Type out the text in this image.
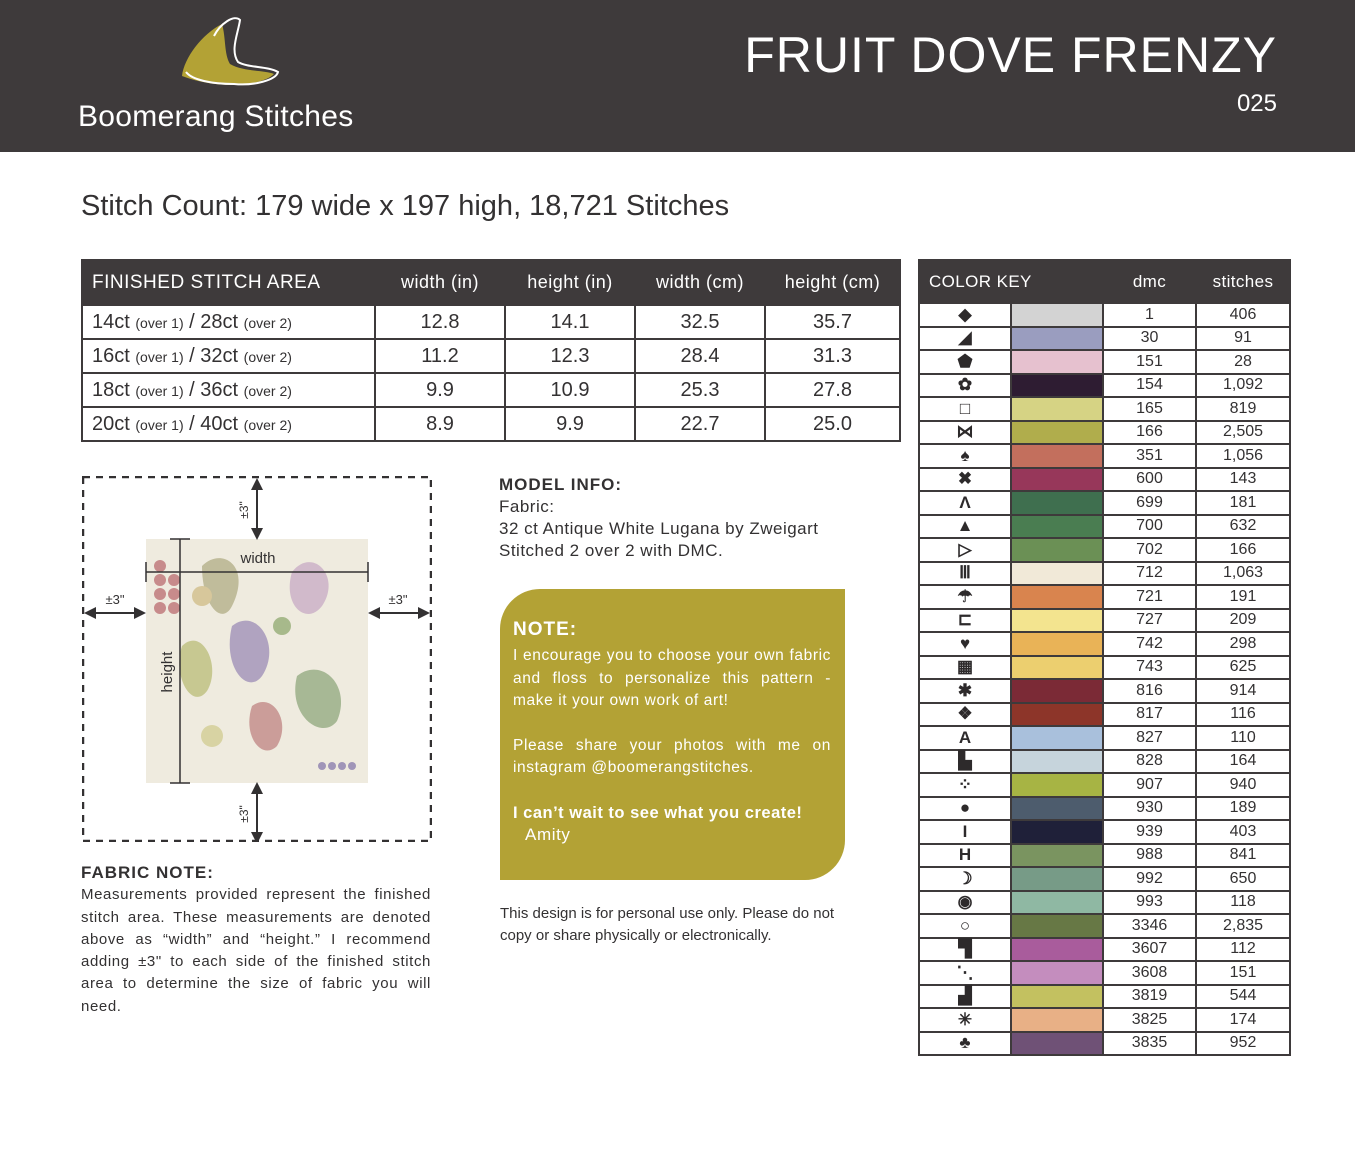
Boomerang Stitches
FRUIT DOVE FRENZY
025
Stitch Count: 179 wide x 197 high, 18,721 Stitches
FINISHED STITCH AREA	width (in)	height (in)	width (cm)	height (cm)
14ct (over 1) / 28ct (over 2)	12.8	14.1	32.5	35.7
16ct (over 1) / 32ct (over 2)	11.2	12.3	28.4	31.3
18ct (over 1) / 36ct (over 2)	9.9	10.9	25.3	27.8
20ct (over 1) / 40ct (over 2)	8.9	9.9	22.7	25.0
width
height
±3"
±3"
±3"	±3"
MODEL INFO:
Fabric:
32 ct Antique White Lugana by Zweigart
Stitched 2 over 2 with DMC.
NOTE:

I encourage you to choose your own fabric and floss to personalize this pattern - make it your own work of art!

Please share your photos with me on instagram @boomerangstitches.

I can’t wait to see what you create!

Amity

This design is for personal use only. Please do not copy or share physically or electronically.
FABRIC NOTE:

Measurements provided represent the finished stitch area. These measurements are denoted above as “width” and “height.” I recommend adding ±3" to each side of the finished stitch area to determine the size of fabric you will need.

COLOR KEY		dmc	stitches
◆		1	406
◢		30	91
⬟		151	28
✿		154	1,092
□		165	819
⋈		166	2,505
♠		351	1,056
✖		600	143
Λ		699	181
▲		700	632
▷		702	166
Ⅲ		712	1,063
☂		721	191
⊏		727	209
♥		742	298
▦		743	625
✱		816	914
❖		817	116
A		827	110
▙		828	164
⁘		907	940
●		930	189
I		939	403
H		988	841
☽		992	650
◉		993	118
○		3346	2,835
▜		3607	112
⋱		3608	151
▟		3819	544
✳		3825	174
♣		3835	952
